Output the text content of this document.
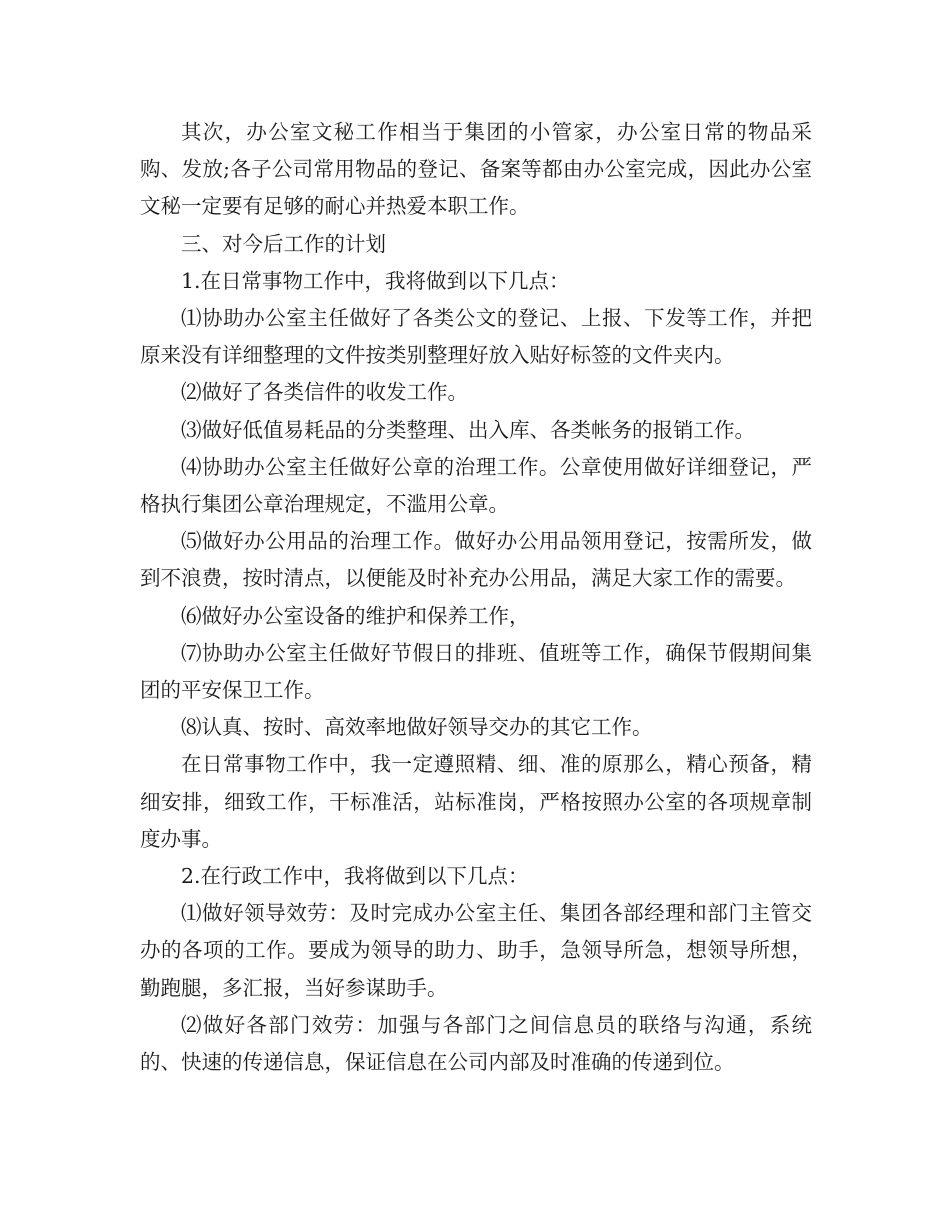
其次，办公室文秘工作相当于集团的小管家，办公室日常的物品采购、发放;各子公司常用物品的登记、备案等都由办公室完成，因此办公室文秘一定要有足够的耐心并热爱本职工作。

三、对今后工作的计划

1.在日常事物工作中，我将做到以下几点：

⑴协助办公室主任做好了各类公文的登记、上报、下发等工作，并把原来没有详细整理的文件按类别整理好放入贴好标签的文件夹内。

⑵做好了各类信件的收发工作。

⑶做好低值易耗品的分类整理、出入库、各类帐务的报销工作。

⑷协助办公室主任做好公章的治理工作。公章使用做好详细登记，严格执行集团公章治理规定，不滥用公章。

⑸做好办公用品的治理工作。做好办公用品领用登记，按需所发，做到不浪费，按时清点，以便能及时补充办公用品，满足大家工作的需要。

⑹做好办公室设备的维护和保养工作，

⑺协助办公室主任做好节假日的排班、值班等工作，确保节假期间集团的平安保卫工作。

⑻认真、按时、高效率地做好领导交办的其它工作。

在日常事物工作中，我一定遵照精、细、准的原那么，精心预备，精细安排，细致工作，干标准活，站标准岗，严格按照办公室的各项规章制度办事。

2.在行政工作中，我将做到以下几点：

⑴做好领导效劳：及时完成办公室主任、集团各部经理和部门主管交办的各项的工作。要成为领导的助力、助手，急领导所急，想领导所想，勤跑腿，多汇报，当好参谋助手。

⑵做好各部门效劳：加强与各部门之间信息员的联络与沟通，系统的、快速的传递信息，保证信息在公司内部及时准确的传递到位。
